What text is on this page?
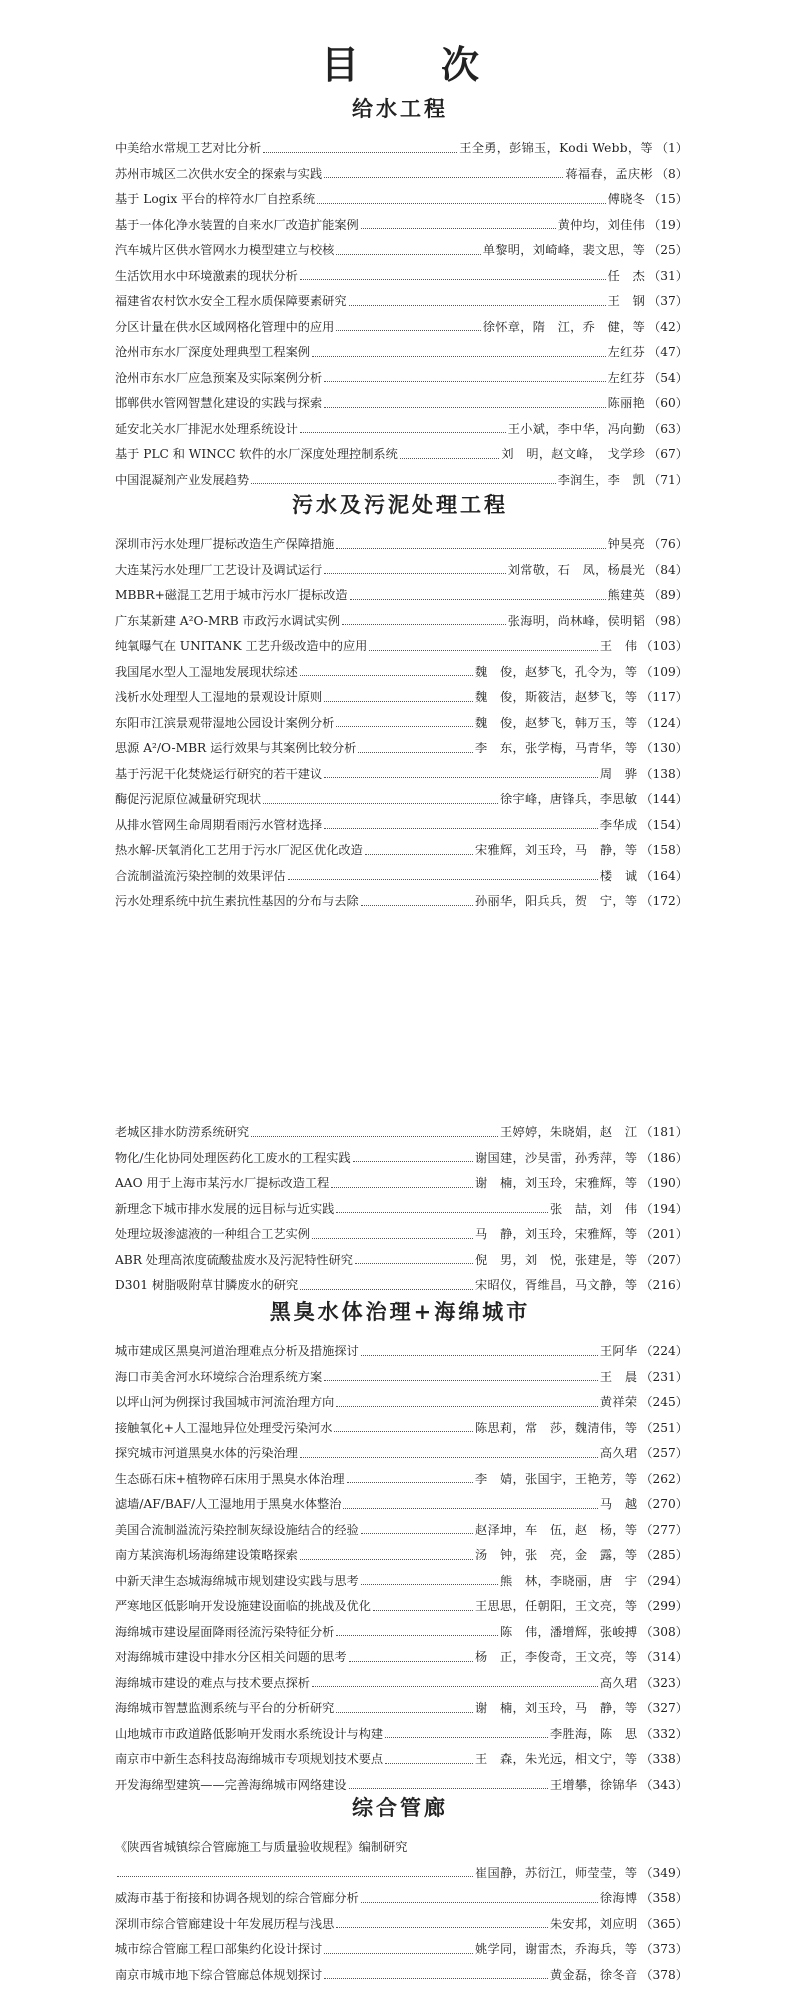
目　次
给水工程
中美给水常规工艺对比分析	王全勇，彭锦玉，Kodi Webb，等 （1）
苏州市城区二次供水安全的探索与实践	蒋福春，孟庆彬 （8）
基于 Logix 平台的梓符水厂自控系统	傅晓冬 （15）
基于一体化净水装置的自来水厂改造扩能案例	黄仲均，刘佳伟 （19）
汽车城片区供水管网水力模型建立与校核	单黎明，刘崎峰，裴文思，等 （25）
生活饮用水中环境激素的现状分析	任　杰 （31）
福建省农村饮水安全工程水质保障要素研究	王　钢 （37）
分区计量在供水区域网格化管理中的应用	徐怀章，隋　江，乔　健，等 （42）
沧州市东水厂深度处理典型工程案例	左红芬 （47）
沧州市东水厂应急预案及实际案例分析	左红芬 （54）
邯郸供水管网智慧化建设的实践与探索	陈丽艳 （60）
延安北关水厂排泥水处理系统设计	王小斌，李中华，冯向勤 （63）
基于 PLC 和 WINCC 软件的水厂深度处理控制系统	刘　明，赵文峰，　戈学珍 （67）
中国混凝剂产业发展趋势	李润生，李　凯 （71）
污水及污泥处理工程
深圳市污水处理厂提标改造生产保障措施	钟昊亮 （76）
大连某污水处理厂工艺设计及调试运行	刘常敬，石　凤，杨晨光 （84）
MBBR+磁混工艺用于城市污水厂提标改造	熊建英 （89）
广东某新建 A²O-MRB 市政污水调试实例	张海明，尚林峰，侯明韬 （98）
纯氧曝气在 UNITANK 工艺升级改造中的应用	王　伟 （103）
我国尾水型人工湿地发展现状综述	魏　俊，赵梦飞，孔令为，等 （109）
浅析水处理型人工湿地的景观设计原则	魏　俊，斯筱洁，赵梦飞，等 （117）
东阳市江滨景观带湿地公园设计案例分析	魏　俊，赵梦飞，韩万玉，等 （124）
思源 A²/O-MBR 运行效果与其案例比较分析	李　东，张学梅，马青华，等 （130）
基于污泥干化焚烧运行研究的若干建议	周　骅 （138）
酶促污泥原位减量研究现状	徐宇峰，唐锋兵，李思敏 （144）
从排水管网生命周期看雨污水管材选择	李华成 （154）
热水解-厌氧消化工艺用于污水厂泥区优化改造	宋雅辉，刘玉玲，马　静，等 （158）
合流制溢流污染控制的效果评估	楼　诚 （164）
污水处理系统中抗生素抗性基因的分布与去除	孙丽华，阳兵兵，贺　宁，等 （172）
老城区排水防涝系统研究	王婷婷，朱晓娟，赵　江 （181）
物化/生化协同处理医药化工废水的工程实践	谢国建，沙昊雷，孙秀萍，等 （186）
AAO 用于上海市某污水厂提标改造工程	谢　楠，刘玉玲，宋雅辉，等 （190）
新理念下城市排水发展的远目标与近实践	张　喆，刘　伟 （194）
处理垃圾渗滤液的一种组合工艺实例	马　静，刘玉玲，宋雅辉，等 （201）
ABR 处理高浓度硫酸盐废水及污泥特性研究	倪　男，刘　悦，张建是，等 （207）
D301 树脂吸附草甘膦废水的研究	宋昭仪，胥维昌，马文静，等 （216）
黑臭水体治理+海绵城市
城市建成区黑臭河道治理难点分析及措施探讨	王阿华 （224）
海口市美舍河水环境综合治理系统方案	王　晨 （231）
以坪山河为例探讨我国城市河流治理方向	黄祥荣 （245）
接触氧化+人工湿地异位处理受污染河水	陈思莉，常　莎，魏清伟，等 （251）
探究城市河道黑臭水体的污染治理	高久珺 （257）
生态砾石床+植物碎石床用于黑臭水体治理	李　婧，张国宇，王艳芳，等 （262）
滤墙/AF/BAF/人工湿地用于黑臭水体整治	马　越 （270）
美国合流制溢流污染控制灰绿设施结合的经验	赵泽坤，车　伍，赵　杨，等 （277）
南方某滨海机场海绵建设策略探索	汤　钟，张　亮，金　露，等 （285）
中新天津生态城海绵城市规划建设实践与思考	熊　林，李晓丽，唐　宇 （294）
严寒地区低影响开发设施建设面临的挑战及优化	王思思，任朝阳，王文亮，等 （299）
海绵城市建设屋面降雨径流污染特征分析	陈　伟，潘增辉，张峻搏 （308）
对海绵城市建设中排水分区相关问题的思考	杨　正，李俊奇，王文亮，等 （314）
海绵城市建设的难点与技术要点探析	高久珺 （323）
海绵城市智慧监测系统与平台的分析研究	谢　楠，刘玉玲，马　静，等 （327）
山地城市市政道路低影响开发雨水系统设计与构建	李胜海，陈　思 （332）
南京市中新生态科技岛海绵城市专项规划技术要点	王　森，朱光远，相文宁，等 （338）
开发海绵型建筑——完善海绵城市网络建设	王增攀，徐锦华 （343）
综合管廊
《陕西省城镇综合管廊施工与质量验收规程》编制研究
崔国静，苏衍江，师莹莹，等 （349）
威海市基于衔接和协调各规划的综合管廊分析	徐海博 （358）
深圳市综合管廊建设十年发展历程与浅思	朱安邦，刘应明 （365）
城市综合管廊工程口部集约化设计探讨	姚学同，谢雷杰，乔海兵，等 （373）
南京市城市地下综合管廊总体规划探讨	黄金磊，徐冬音 （378）
